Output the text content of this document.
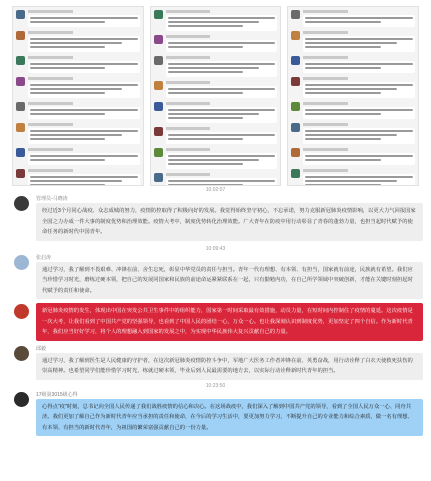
10:02:07
管理员-马晓涛
经过近3个月同心战疫、众志成城的努力，疫情防控取得了积极向好的发展。我觉得始终坚守初心，不忘承诺，努力克服新冠肺炎疫情影响，以更大力气回报国家全国之力办成一件大事的制度优势和治理效能。疫情大考中，制度优势转化治理效能。广大青年在防疫中用行动彰显了青春的蓬勃力量，也担当起时代赋予的使命任务的新时代中国青年。
10:09:43
张启涛
通过学习，我了解到不畏艰难、冲锋在前、舍生忘死，彰显中华党员的责任与担当。青年一代有理想、有本领、有担当，国家就有前途，民族就有希望。我们应当珍惜学习时光，磨练过硬本领，把自己的发展同国家和民族的前途命运紧紧联系在一起，只有勤勉内功，在自己所学领域中突破创新，才能在关键时刻担起时代赋予的责任和使命。
新冠肺炎疫情的发生，体现出中国在突发公共卫生事件中的组织能力，国家第一时间采取最有效措施，动员力量，在短时间内控制住了疫情的蔓延。这次疫情是一次大考，让我们看到了中国共产党的坚强领导，也看到了中国人民的团结一心，万众一心。也让我深刻认识到制度优势，更加坚定了四个自信。作为新时代青年，我们应当好好学习，将个人的理想融入到国家的发展之中，为实现中华民族伟大复兴贡献自己的力量。
邱毅
通过学习，我了解到医生是人民健康的守护者，在这次新冠肺炎疫情防控斗争中，军地广大医务工作者冲锋在前、英勇奋战，用行动诠释了白衣天使救死扶伤的崇高精神。也希望同学们能珍惜学习时光，练就过硬本领，毕业后到人民最需要的地方去，以实际行动诠释新时代青年的担当。
10:23:50
17级第3015级心得
心得点“疫”时刻，总书记向全国人民传递了我们战胜疫情的信心和决心。在这场战疫中，我们深入了解到中国共产党的领导，看到了全国人民万众一心、同舟共济。我们更加了解自己作为新时代青年应当承担的责任和使命，在今后的学习生活中，要更加努力学习，不断提升自己的专业能力和综合素质，做一名有理想、有本领、有担当的新时代青年，为祖国的繁荣富强贡献自己的一份力量。
